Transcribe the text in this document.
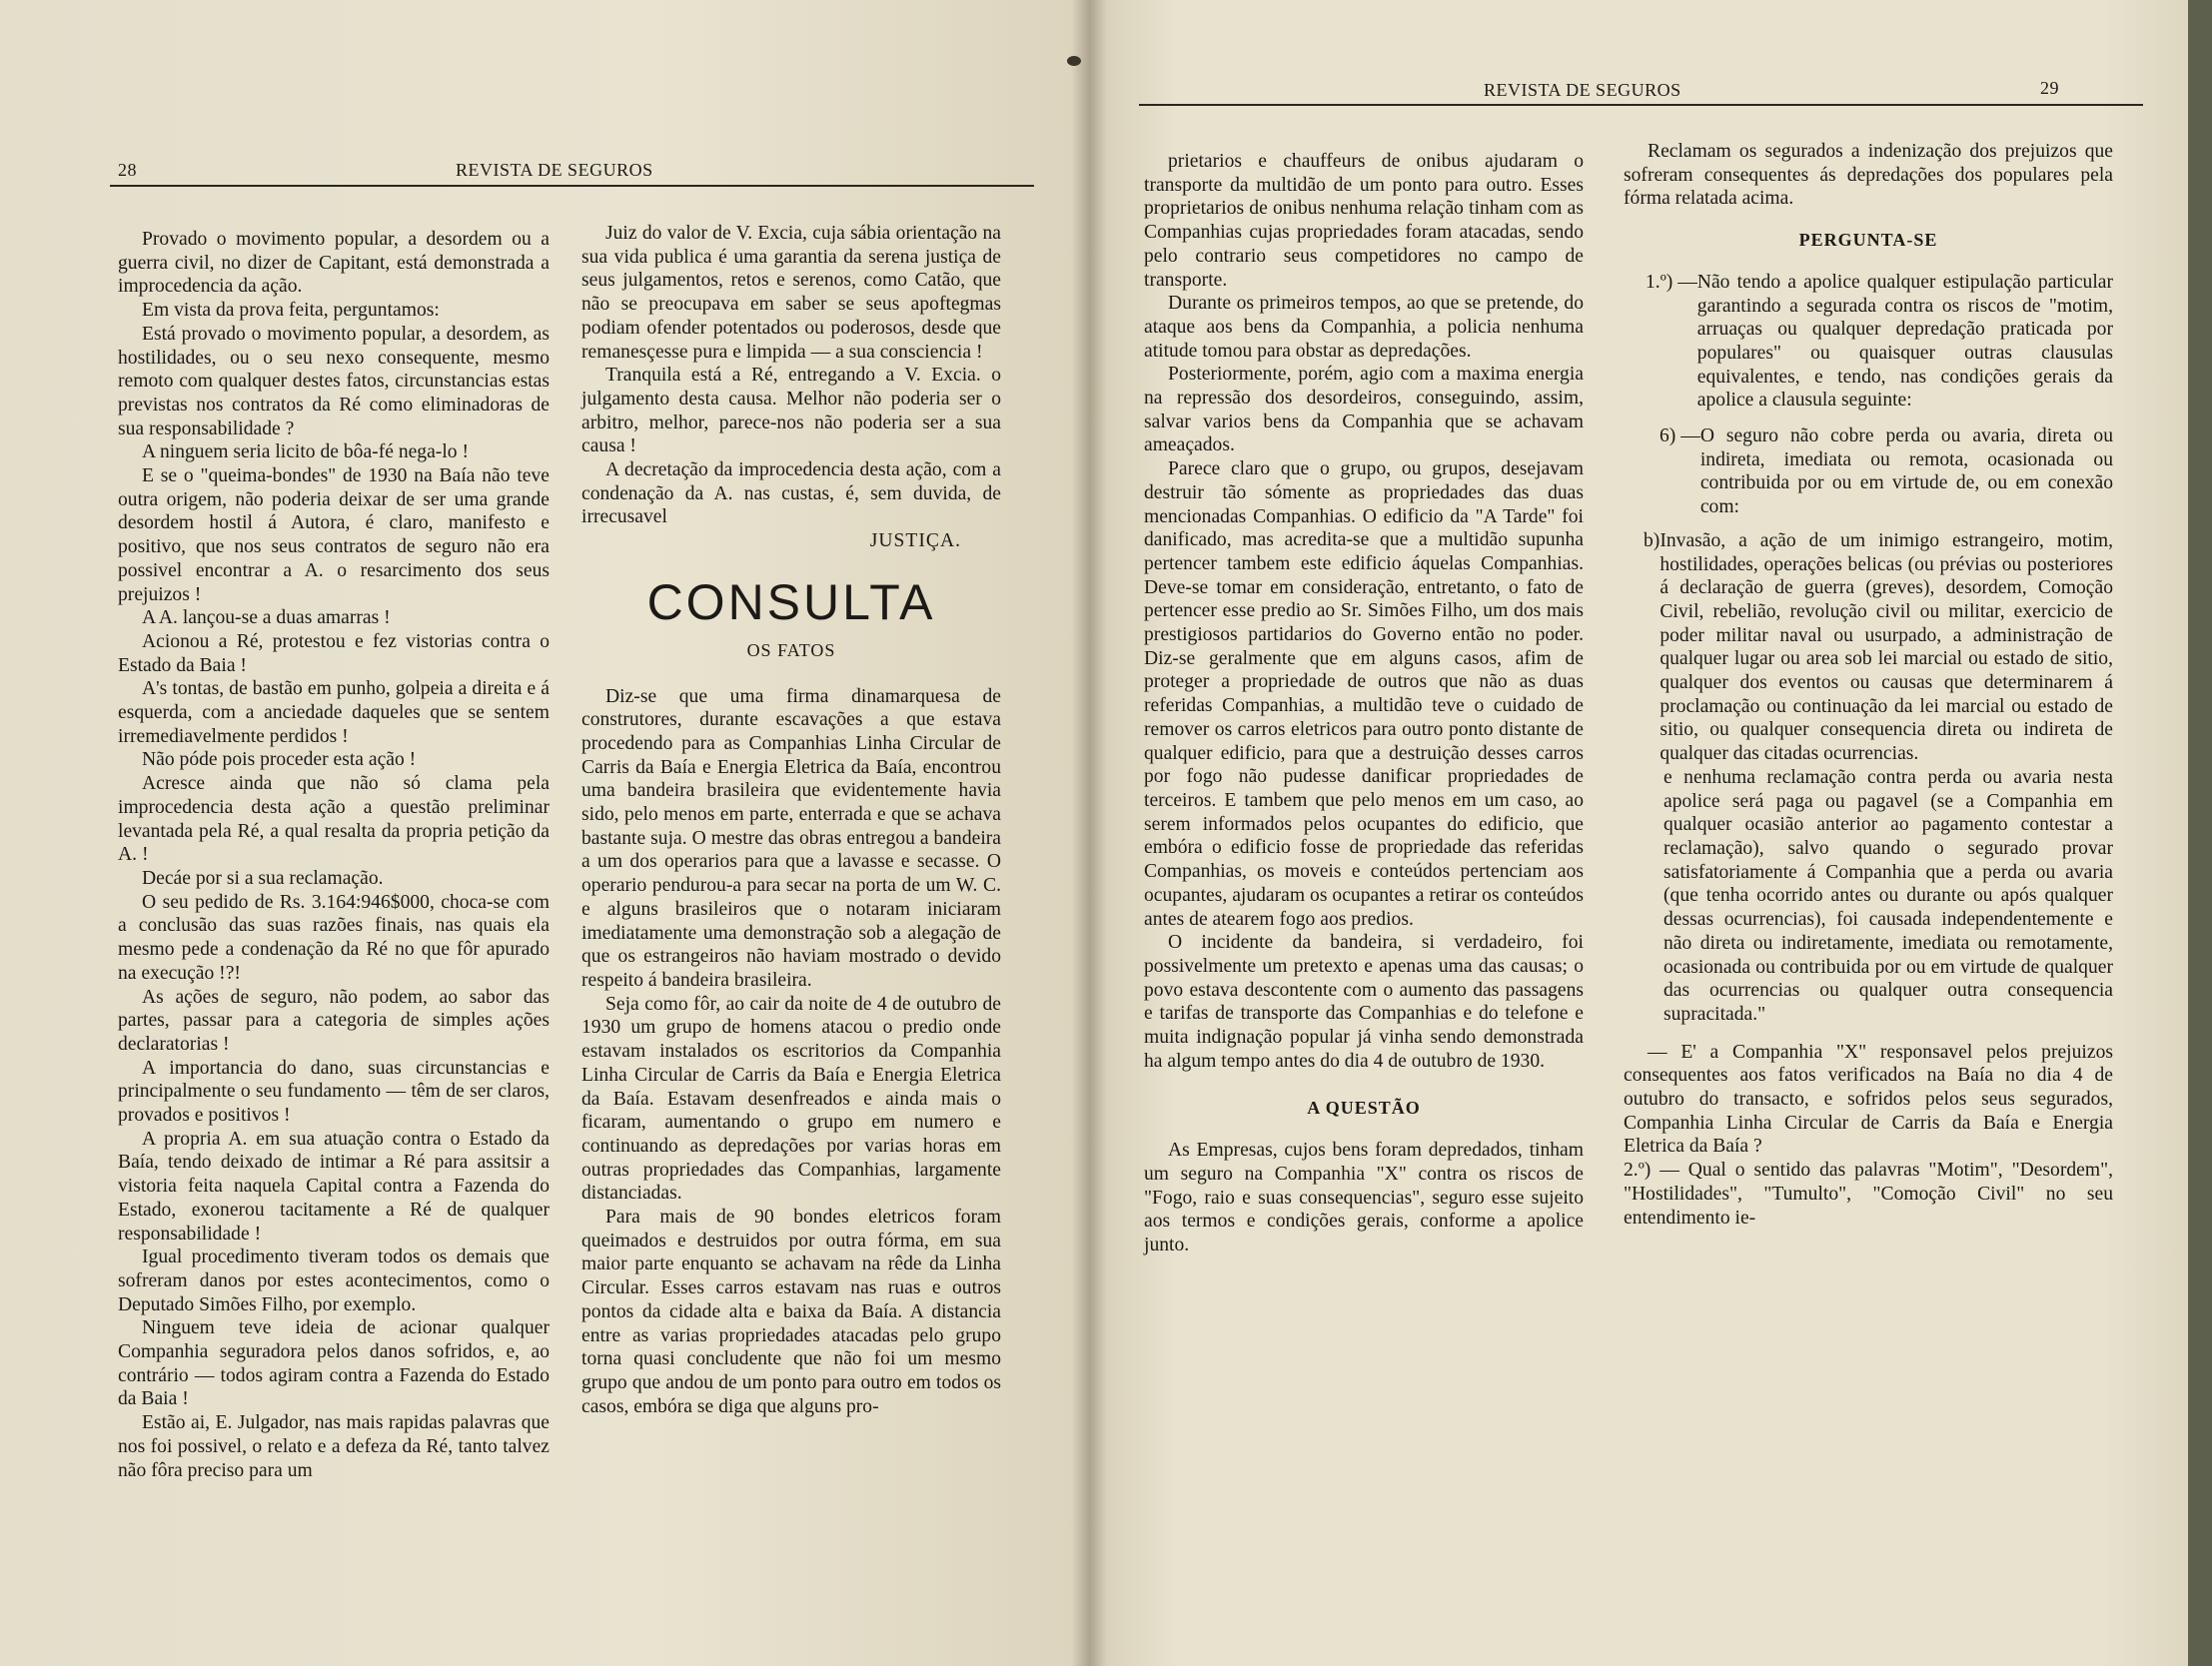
28	REVISTA DE SEGUROS

Provado o movimento popular, a desordem ou a guerra civil, no dizer de Capitant, está demonstrada a improcedencia da ação.

Em vista da prova feita, perguntamos:

Está provado o movimento popular, a desordem, as hostilidades, ou o seu nexo consequente, mesmo remoto com qualquer destes fatos, circunstancias estas previstas nos contratos da Ré como eliminadoras de sua responsabilidade ?

A ninguem seria licito de bôa-fé nega-lo !

E se o "queima-bondes" de 1930 na Baía não teve outra origem, não poderia deixar de ser uma grande desordem hostil á Autora, é claro, manifesto e positivo, que nos seus contratos de seguro não era possivel encontrar a A. o resarcimento dos seus prejuizos !

A A. lançou-se a duas amarras !

Acionou a Ré, protestou e fez vistorias contra o Estado da Baia !

A's tontas, de bastão em punho, golpeia a direita e á esquerda, com a anciedade daqueles que se sentem irremediavelmente perdidos !

Não póde pois proceder esta ação !

Acresce ainda que não só clama pela improcedencia desta ação a questão preliminar levantada pela Ré, a qual resalta da propria petição da A. !

Decáe por si a sua reclamação.

O seu pedido de Rs. 3.164:946$000, choca-se com a conclusão das suas razões finais, nas quais ela mesmo pede a condenação da Ré no que fôr apurado na execução !?!

As ações de seguro, não podem, ao sabor das partes, passar para a categoria de simples ações declaratorias !

A importancia do dano, suas circunstancias e principalmente o seu fundamento — têm de ser claros, provados e positivos !

A propria A. em sua atuação contra o Estado da Baía, tendo deixado de intimar a Ré para assitsir a vistoria feita naquela Capital contra a Fazenda do Estado, exonerou tacitamente a Ré de qualquer responsabilidade !

Igual procedimento tiveram todos os demais que sofreram danos por estes acontecimentos, como o Deputado Simões Filho, por exemplo.

Ninguem teve ideia de acionar qualquer Companhia seguradora pelos danos sofridos, e, ao contrário — todos agiram contra a Fazenda do Estado da Baia !

Estão ai, E. Julgador, nas mais rapidas palavras que nos foi possivel, o relato e a defeza da Ré, tanto talvez não fôra preciso para um

Juiz do valor de V. Excia, cuja sábia orientação na sua vida publica é uma garantia da serena justiça de seus julgamentos, retos e serenos, como Catão, que não se preocupava em saber se seus apoftegmas podiam ofender potentados ou poderosos, desde que remanesçesse pura e limpida — a sua consciencia !

Tranquila está a Ré, entregando a V. Excia. o julgamento desta causa. Melhor não poderia ser o arbitro, melhor, parece-nos não poderia ser a sua causa !

A decretação da improcedencia desta ação, com a condenação da A. nas custas, é, sem duvida, de irrecusavel

JUSTIÇA.

CONSULTA
OS FATOS

Diz-se que uma firma dinamarquesa de construtores, durante escavações a que estava procedendo para as Companhias Linha Circular de Carris da Baía e Energia Eletrica da Baía, encontrou uma bandeira brasileira que evidentemente havia sido, pelo menos em parte, enterrada e que se achava bastante suja. O mestre das obras entregou a bandeira a um dos operarios para que a lavasse e secasse. O operario pendurou-a para secar na porta de um W. C. e alguns brasileiros que o notaram iniciaram imediatamente uma demonstração sob a alegação de que os estrangeiros não haviam mostrado o devido respeito á bandeira brasileira.

Seja como fôr, ao cair da noite de 4 de outubro de 1930 um grupo de homens atacou o predio onde estavam instalados os escritorios da Companhia Linha Circular de Carris da Baía e Energia Eletrica da Baía. Estavam desenfreados e ainda mais o ficaram, aumentando o grupo em numero e continuando as depredações por varias horas em outras propriedades das Companhias, largamente distanciadas.

Para mais de 90 bondes eletricos foram queimados e destruidos por outra fórma, em sua maior parte enquanto se achavam na rêde da Linha Circular. Esses carros estavam nas ruas e outros pontos da cidade alta e baixa da Baía. A distancia entre as varias propriedades atacadas pelo grupo torna quasi concludente que não foi um mesmo grupo que andou de um ponto para outro em todos os casos, embóra se diga que alguns pro-

REVISTA DE SEGUROS	29

prietarios e chauffeurs de onibus ajudaram o transporte da multidão de um ponto para outro. Esses proprietarios de onibus nenhuma relação tinham com as Companhias cujas propriedades foram atacadas, sendo pelo contrario seus competidores no campo de transporte.

Durante os primeiros tempos, ao que se pretende, do ataque aos bens da Companhia, a policia nenhuma atitude tomou para obstar as depredações.

Posteriormente, porém, agio com a maxima energia na repressão dos desordeiros, conseguindo, assim, salvar varios bens da Companhia que se achavam ameaçados.

Parece claro que o grupo, ou grupos, desejavam destruir tão sómente as propriedades das duas mencionadas Companhias. O edificio da "A Tarde" foi danificado, mas acredita-se que a multidão supunha pertencer tambem este edificio áquelas Companhias. Deve-se tomar em consideração, entretanto, o fato de pertencer esse predio ao Sr. Simões Filho, um dos mais prestigiosos partidarios do Governo então no poder. Diz-se geralmente que em alguns casos, afim de proteger a propriedade de outros que não as duas referidas Companhias, a multidão teve o cuidado de remover os carros eletricos para outro ponto distante de qualquer edificio, para que a destruição desses carros por fogo não pudesse danificar propriedades de terceiros. E tambem que pelo menos em um caso, ao serem informados pelos ocupantes do edificio, que embóra o edificio fosse de propriedade das referidas Companhias, os moveis e conteúdos pertenciam aos ocupantes, ajudaram os ocupantes a retirar os conteúdos antes de atearem fogo aos predios.

O incidente da bandeira, si verdadeiro, foi possivelmente um pretexto e apenas uma das causas; o povo estava descontente com o aumento das passagens e tarifas de transporte das Companhias e do telefone e muita indignação popular já vinha sendo demonstrada ha algum tempo antes do dia 4 de outubro de 1930.

A QUESTÃO

As Empresas, cujos bens foram depredados, tinham um seguro na Companhia "X" contra os riscos de "Fogo, raio e suas consequencias", seguro esse sujeito aos termos e condições gerais, conforme a apolice junto.

Reclamam os segurados a indenização dos prejuizos que sofreram consequentes ás depredações dos populares pela fórma relatada acima.

PERGUNTA-SE
1.º) — Não tendo a apolice qualquer estipulação particular garantindo a segurada contra os riscos de "motim, arruaças ou qualquer depredação praticada por populares" ou quaisquer outras clausulas equivalentes, e tendo, nas condições gerais da apolice a clausula seguinte:
6) — O seguro não cobre perda ou avaria, direta ou indireta, imediata ou remota, ocasionada ou contribuida por ou em virtude de, ou em conexão com:
b) Invasão, a ação de um inimigo estrangeiro, motim, hostilidades, operações belicas (ou prévias ou posteriores á declaração de guerra (greves), desordem, Comoção Civil, rebelião, revolução civil ou militar, exercicio de poder militar naval ou usurpado, a administração de qualquer lugar ou area sob lei marcial ou estado de sitio, qualquer dos eventos ou causas que determinarem á proclamação ou continuação da lei marcial ou estado de sitio, ou qualquer consequencia direta ou indireta de qualquer das citadas ocurrencias.

e nenhuma reclamação contra perda ou avaria nesta apolice será paga ou pagavel (se a Companhia em qualquer ocasião anterior ao pagamento contestar a reclamação), salvo quando o segurado provar satisfatoriamente á Companhia que a perda ou avaria (que tenha ocorrido antes ou durante ou após qualquer dessas ocurrencias), foi causada independentemente e não direta ou indiretamente, imediata ou remotamente, ocasionada ou contribuida por ou em virtude de qualquer das ocurrencias ou qualquer outra consequencia supracitada."

— E' a Companhia "X" responsavel pelos prejuizos consequentes aos fatos verificados na Baía no dia 4 de outubro do transacto, e sofridos pelos seus segurados, Companhia Linha Circular de Carris da Baía e Energia Eletrica da Baía ?

2.º) — Qual o sentido das palavras "Motim", "Desordem", "Hostilidades", "Tumulto", "Comoção Civil" no seu entendimento ie-
